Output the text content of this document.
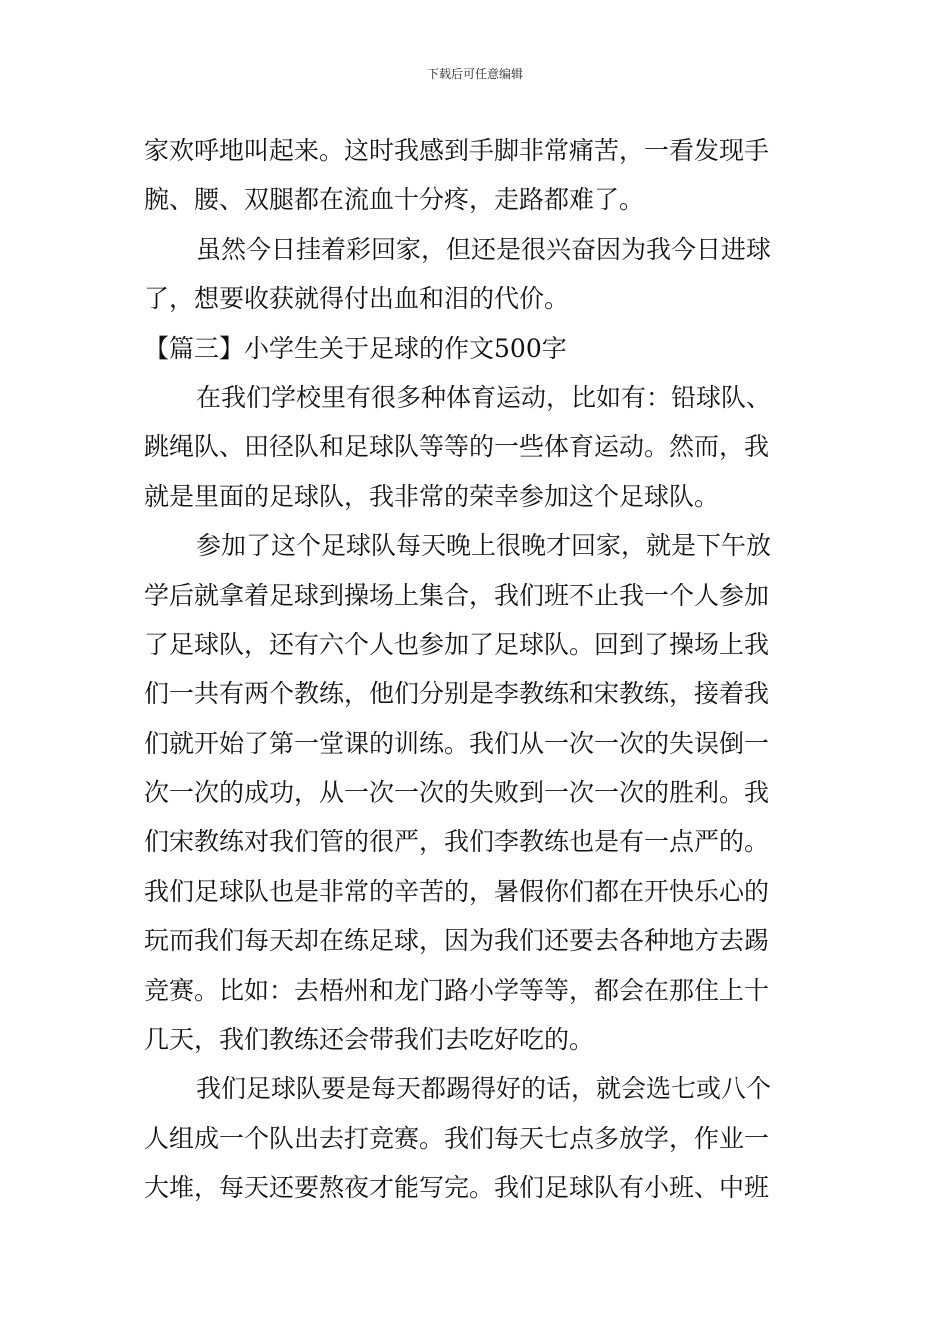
下载后可任意编辑
家欢呼地叫起来。这时我感到手脚非常痛苦，一看发现手
腕、腰、双腿都在流血十分疼，走路都难了。
虽然今日挂着彩回家，但还是很兴奋因为我今日进球
了，想要收获就得付出血和泪的代价。
【篇三】小学生关于足球的作文500字
在我们学校里有很多种体育运动，比如有：铅球队、
跳绳队、田径队和足球队等等的一些体育运动。然而，我
就是里面的足球队，我非常的荣幸参加这个足球队。
参加了这个足球队每天晚上很晚才回家，就是下午放
学后就拿着足球到操场上集合，我们班不止我一个人参加
了足球队，还有六个人也参加了足球队。回到了操场上我
们一共有两个教练，他们分别是李教练和宋教练，接着我
们就开始了第一堂课的训练。我们从一次一次的失误倒一
次一次的成功，从一次一次的失败到一次一次的胜利。我
们宋教练对我们管的很严，我们李教练也是有一点严的。
我们足球队也是非常的辛苦的，暑假你们都在开快乐心的
玩而我们每天却在练足球，因为我们还要去各种地方去踢
竞赛。比如：去梧州和龙门路小学等等，都会在那住上十
几天，我们教练还会带我们去吃好吃的。
我们足球队要是每天都踢得好的话，就会选七或八个
人组成一个队出去打竞赛。我们每天七点多放学，作业一
大堆，每天还要熬夜才能写完。我们足球队有小班、中班
